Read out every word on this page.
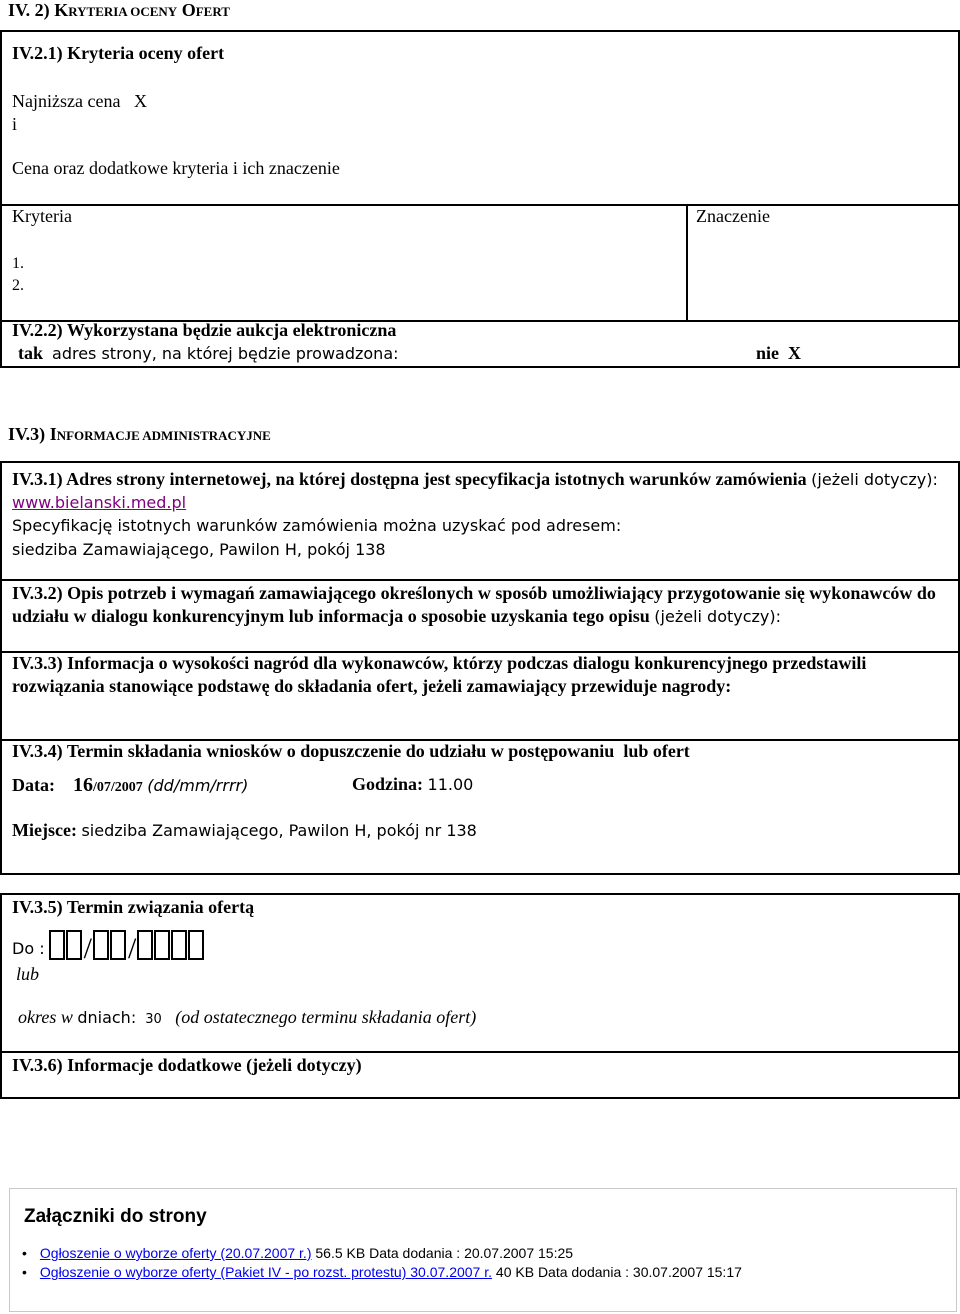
IV. 2) KRYTERIA OCENY OFERT
IV.2.1) Kryteria oceny ofert
Najniższa cena X
i
Cena oraz dodatkowe kryteria i ich znaczenie
Kryteria	Znaczenie
1.
2.
IV.2.2) Wykorzystana będzie aukcja elektroniczna
tak adres strony, na której będzie prowadzona:	nie X
IV.3) INFORMACJE ADMINISTRACYJNE
IV.3.1) Adres strony internetowej, na której dostępna jest specyfikacja istotnych warunków zamówienia (jeżeli dotyczy): www.bielanski.med.pl
Specyfikację istotnych warunków zamówienia można uzyskać pod adresem:
siedziba Zamawiającego, Pawilon H, pokój 138
IV.3.2) Opis potrzeb i wymagań zamawiającego określonych w sposób umożliwiający przygotowanie się wykonawców do udziału w dialogu konkurencyjnym lub informacja o sposobie uzyskania tego opisu (jeżeli dotyczy):
IV.3.3) Informacja o wysokości nagród dla wykonawców, którzy podczas dialogu konkurencyjnego przedstawili rozwiązania stanowiące podstawę do składania ofert, jeżeli zamawiający przewiduje nagrody:
IV.3.4) Termin składania wniosków o dopuszczenie do udziału w postępowaniu  lub ofert
Data: 16/07/2007 (dd/mm/rrrr)	Godzina: 11.00
Miejsce: siedziba Zamawiającego, Pawilon H, pokój nr 138
IV.3.5) Termin związania ofertą
Do : / /
lub
okres w dniach: 30 (od ostatecznego terminu składania ofert)
IV.3.6) Informacje dodatkowe (jeżeli dotyczy)
Załączniki do strony
• Ogłoszenie o wyborze oferty (20.07.2007 r.) 56.5 KB Data dodania : 20.07.2007 15:25
• Ogłoszenie o wyborze oferty (Pakiet IV - po rozst. protestu) 30.07.2007 r. 40 KB Data dodania : 30.07.2007 15:17
